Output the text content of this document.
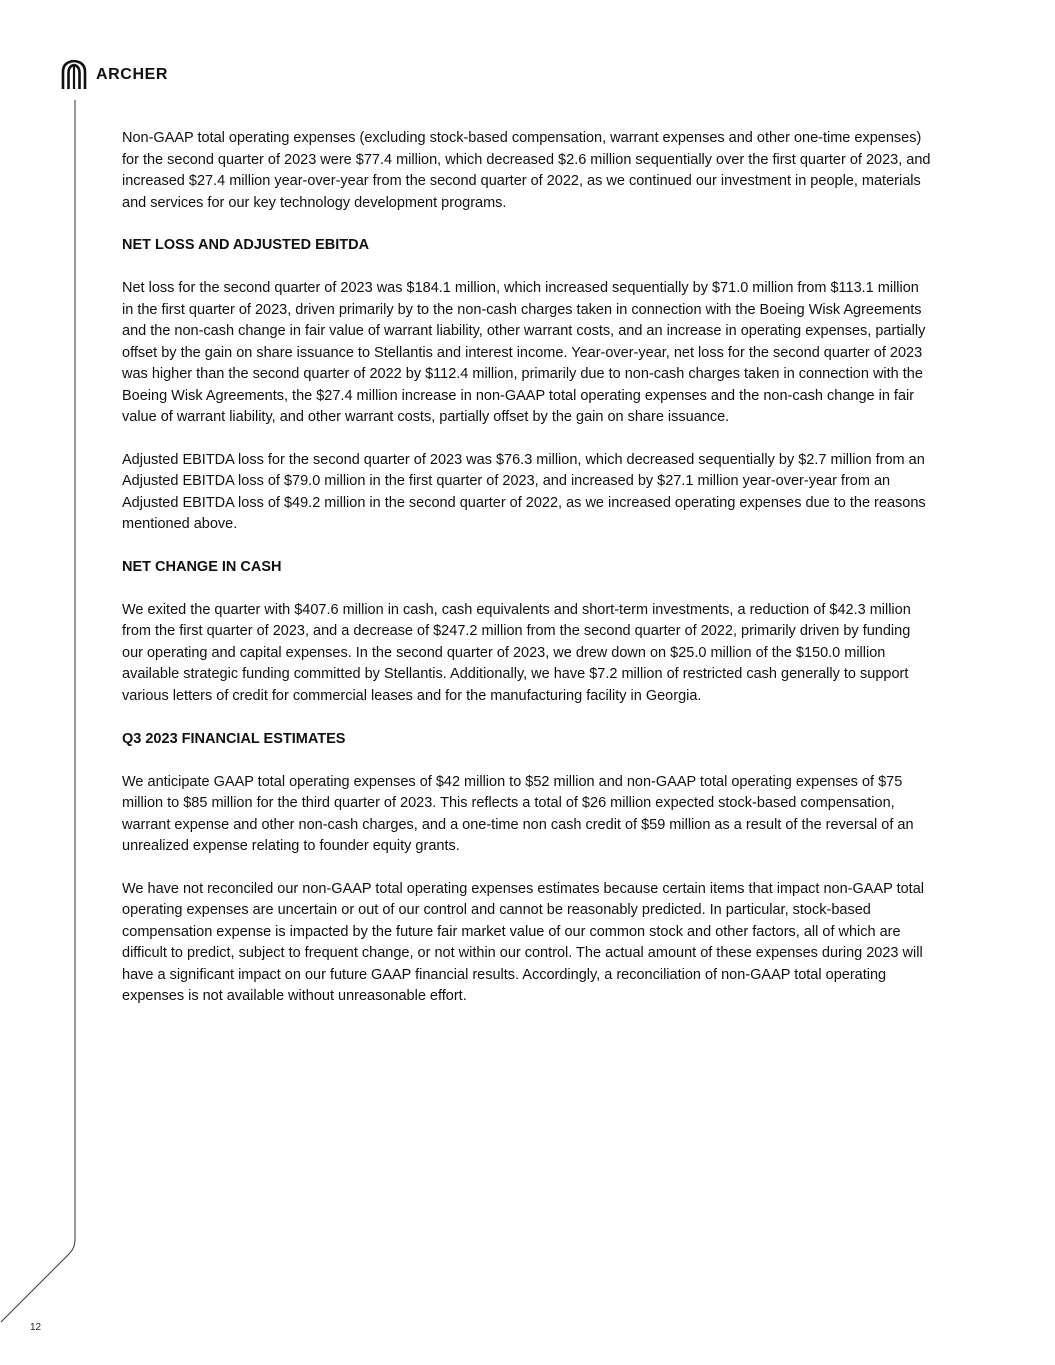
ARCHER

Non-GAAP total operating expenses (excluding stock-based compensation, warrant expenses and other one-time expenses) for the second quarter of 2023 were $77.4 million, which decreased $2.6 million sequentially over the first quarter of 2023, and increased $27.4 million year-over-year from the second quarter of 2022, as we continued our investment in people, materials and services for our key technology development programs.

NET LOSS AND ADJUSTED EBITDA

Net loss for the second quarter of 2023 was $184.1 million, which increased sequentially by $71.0 million from $113.1 million in the first quarter of 2023, driven primarily by to the non-cash charges taken in connection with the Boeing Wisk Agreements and the non-cash change in fair value of warrant liability, other warrant costs, and an increase in operating expenses, partially offset by the gain on share issuance to Stellantis and interest income. Year-over-year, net loss for the second quarter of 2023 was higher than the second quarter of 2022 by $112.4 million, primarily due to non-cash charges taken in connection with the Boeing Wisk Agreements, the $27.4 million increase in non-GAAP total operating expenses and the non-cash change in fair value of warrant liability, and other warrant costs, partially offset by the gain on share issuance.

Adjusted EBITDA loss for the second quarter of 2023 was $76.3 million, which decreased sequentially by $2.7 million from an Adjusted EBITDA loss of $79.0 million in the first quarter of 2023, and increased by $27.1 million year-over-year from an Adjusted EBITDA loss of $49.2 million in the second quarter of 2022, as we increased operating expenses due to the reasons mentioned above.

NET CHANGE IN CASH

We exited the quarter with $407.6 million in cash, cash equivalents and short-term investments, a reduction of $42.3 million from the first quarter of 2023, and a decrease of $247.2 million from the second quarter of 2022, primarily driven by funding our operating and capital expenses. In the second quarter of 2023, we drew down on $25.0 million of the $150.0 million available strategic funding committed by Stellantis. Additionally, we have $7.2 million of restricted cash generally to support various letters of credit for commercial leases and for the manufacturing facility in Georgia.

Q3 2023 FINANCIAL ESTIMATES

We anticipate GAAP total operating expenses of $42 million to $52 million and non-GAAP total operating expenses of $75 million to $85 million for the third quarter of 2023. This reflects a total of $26 million expected stock-based compensation, warrant expense and other non-cash charges, and a one-time non cash credit of $59 million as a result of the reversal of an unrealized expense relating to founder equity grants.

We have not reconciled our non-GAAP total operating expenses estimates because certain items that impact non-GAAP total operating expenses are uncertain or out of our control and cannot be reasonably predicted. In particular, stock-based compensation expense is impacted by the future fair market value of our common stock and other factors, all of which are difficult to predict, subject to frequent change, or not within our control. The actual amount of these expenses during 2023 will have a significant impact on our future GAAP financial results. Accordingly, a reconciliation of non-GAAP total operating expenses is not available without unreasonable effort.

12
